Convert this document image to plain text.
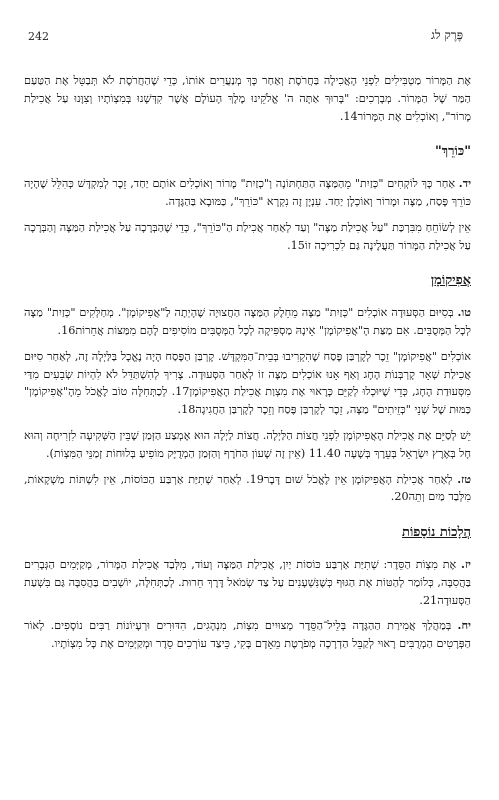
242	פֶּרֶק לג

אֶת הַמָּרוֹר מַטְבִּילִים לִפְנֵי הָאֲכִילָה בַּחֲרֹסֶת וְאַחַר כָּךְ מְנַעֲרִים אוֹתוֹ, כְּדֵי שֶׁהַחֲרֹסֶת לֹא תְּבַטֵּל אֶת הַטַּעַם הַמַּר שֶׁל הַמָּרוֹר. מְבָרְכִים: "בָּרוּךְ אַתָּה ה' אֱלֹקֵינוּ מֶלֶךְ הָעוֹלָם אֲשֶׁר קִדְּשָׁנוּ בְּמִצְוֹתָיו וְצִוָּנוּ עַל אֲכִילַת מָרוֹר", וְאוֹכְלִים אֶת הַמָּרוֹר14.

"כּוֹרֵךְ"

יד. אַחַר כָּךְ לוֹקְחִים "כְּזַיִת" מֵהַמַּצָּה הַתַּחְתּוֹנָה וְ"כְזַיִת" מָרוֹר וְאוֹכְלִים אוֹתָם יַחַד, זֵכֶר לְמִקְדָּשׁ כְּהִלֵּל שֶׁהָיָה כּוֹרֵךְ פֶּסַח, מַצָּה וּמָרוֹר וְאוֹכְלָן יַחַד. עִנְיָן זֶה נִקְרָא "כּוֹרֵךְ", כַּמּוּבָא בַּהַגָּדָה.

אֵין לְשׂוֹחֵחַ מִבִּרְכַּת "עַל אֲכִילַת מַצָּה" וְעַד לְאַחַר אֲכִילַת הַ"כּוֹרֵךְ", כְּדֵי שֶׁהַבְּרָכָה עַל אֲכִילַת הַמַּצָּה וְהַבְּרָכָה עַל אֲכִילַת הַמָּרוֹר תַּעֲלֶינָה גַּם לִכְרִיכָה זוֹ15.

אֲפִיקוֹמָן

טו. בְּסִיּוּם הַסְּעוּדָה אוֹכְלִים "כְּזַיִת" מַצָּה מֵחֵלֶק הַמַּצָּה הַחֲצוּיָה שֶׁהָיְתָה לַ"אֲפִיקוֹמָן". מְחַלְּקִים "כְּזַיִת" מַצָּה לְכָל הַמְּסֻבִּים. אִם מַצַּת הָ"אֲפִיקוֹמָן" אֵינָהּ מַסְפִּיקָה לְכָל הַמְּסֻבִּים מוֹסִיפִים לָהֶם מִמַּצּוֹת אֲחֵרוֹת16.

אוֹכְלִים "אֲפִיקוֹמָן" זֵכֶר לְקָרְבַּן פֶּסַח שֶׁהִקְרִיבוּ בְּבֵית־הַמִּקְדָּשׁ. קָרְבַּן הַפֶּסַח הָיָה נֶאֱכָל בַּלַּיְלָה זֶה, לְאַחַר סִיּוּם אֲכִילַת שְׁאָר קָרְבְּנוֹת הֶחָג וְאַף אָנוּ אוֹכְלִים מַצָּה זוֹ לְאַחַר הַסְּעוּדָה. צָרִיךְ לְהִשְׁתַּדֵּל לֹא לִהְיוֹת שְׂבֵעִים מִדַּי מִסְּעוּדַת הֶחָג, כְּדֵי שֶׁיּוּכְלוּ לְקַיֵּם כָּרָאוּי אֶת מִצְוַת אֲכִילַת הָאֲפִיקוֹמָן17. לְכַתְּחִלָּה טוֹב לֶאֱכֹל מֵהָ"אֲפִיקוֹמָן" כַּמּוּת שֶׁל שְׁנֵי "כְּזֵיתִים" מַצָּה, זֵכֶר לְקָרְבַּן פֶּסַח וְזֵכֶר לְקָרְבַּן הַחֲגִיגָה18.

יֵשׁ לְסַיֵּם אֶת אֲכִילַת הָאֲפִיקוֹמָן לִפְנֵי חֲצוֹת הַלַּיְלָה. חֲצוֹת לַיְלָה הוּא אֶמְצַע הַזְּמַן שֶׁבֵּין הַשְּׁקִיעָה לִזְרִיחָה וְהוּא חָל בְּאֶרֶץ יִשְׂרָאֵל בְּעֵרֶךְ בְּשָׁעָה 11.40 (אֵין זֶה שָׁעוֹן הַחֹרֶף וְהַזְּמַן הַמְדֻיָּק מוֹפִיעַ בְּלוּחוֹת זְמַנֵּי הַמִּצְוֹת).

טז. לְאַחַר אֲכִילַת הָאֲפִיקוֹמָן אֵין לֶאֱכֹל שׁוּם דָּבָר19. לְאַחַר שְׁתִיַּת אַרְבַּע הַכּוֹסוֹת, אֵין לִשְׁתּוֹת מַשְׁקָאוֹת, מִלְּבַד מַיִם וְתֵה20.

הֲלָכוֹת נוֹסָפוֹת

יז. אֶת מִצְוֹת הַסֵּדֶר: שְׁתִיַּת אַרְבַּע כּוֹסוֹת יַיִן, אֲכִילַת הַמַּצָּה וְעוֹד, מִלְּבַד אֲכִילַת הַמָּרוֹר, מְקַיְּמִים הַגְּבָרִים בַּהֲסִבָּה, כְּלוֹמַר לְהַטּוֹת אֶת הַגּוּף כְּשֶׁנִּשְׁעָנִים עַל צַד שְׂמֹאל דֶּרֶךְ חֵרוּת. לְכַתְּחִלָּה, יוֹשְׁבִים בַּהֲסִבָּה גַּם בִּשְׁעַת הַסְּעוּדָה21.

יח. בְּמַהֲלַךְ אֲמִירַת הַהַגָּדָה בְּלֵיל־הַסֵּדֶר מְצוּיִים מִצְוֹת, מִנְהָגִים, הִדּוּרִים וּרְעָיוֹנוֹת רַבִּים נוֹסָפִים. לְאוֹר הַפְּרָטִים הַמְרֻבִּים רָאוּי לְקַבֵּל הַדְרָכָה מְפֹרֶטֶת מֵאָדָם בָּקִי, כֵּיצַד עוֹרְכִים סֵדֶר וּמְקַיְּמִים אֶת כָּל מִצְוֹתָיו.
